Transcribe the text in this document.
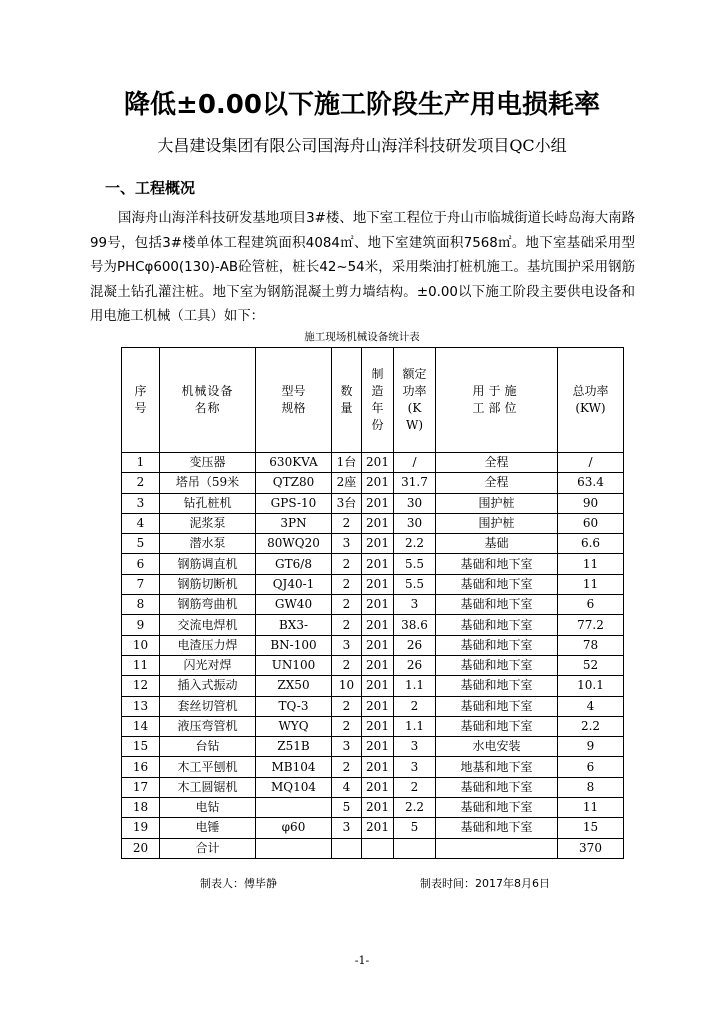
降低±0.00以下施工阶段生产用电损耗率
大昌建设集团有限公司国海舟山海洋科技研发项目QC小组
一、工程概况

国海舟山海洋科技研发基地项目3#楼、地下室工程位于舟山市临城街道长峙岛海大南路99号，包括3#楼单体工程建筑面积4084㎡、地下室建筑面积7568㎡。地下室基础采用型号为PHCφ600(130)-AB砼管桩，桩长42~54米，采用柴油打桩机施工。基坑围护采用钢筋混凝土钻孔灌注桩。地下室为钢筋混凝土剪力墙结构。±0.00以下施工阶段主要供电设备和用电施工机械（工具）如下：

施工现场机械设备统计表
序号	机械设备名称	型号规格	数量	制造年份	额定功率(KW)	用于施工部位	总功率(KW)
1	变压器	630KVA	1台	201	/	全程	/
2	塔吊（59米	QTZ80	2座	201	31.7	全程	63.4
3	钻孔桩机	GPS-10	3台	201	30	围护桩	90
4	泥浆泵	3PN	2	201	30	围护桩	60
5	潜水泵	80WQ20	3	201	2.2	基础	6.6
6	钢筋调直机	GT6/8	2	201	5.5	基础和地下室	11
7	钢筋切断机	QJ40-1	2	201	5.5	基础和地下室	11
8	钢筋弯曲机	GW40	2	201	3	基础和地下室	6
9	交流电焊机	BX3-	2	201	38.6	基础和地下室	77.2
10	电渣压力焊	BN-100	3	201	26	基础和地下室	78
11	闪光对焊	UN100	2	201	26	基础和地下室	52
12	插入式振动	ZX50	10	201	1.1	基础和地下室	10.1
13	套丝切管机	TQ-3	2	201	2	基础和地下室	4
14	液压弯管机	WYQ	2	201	1.1	基础和地下室	2.2
15	台钻	Z51B	3	201	3	水电安装	9
16	木工平刨机	MB104	2	201	3	地基和地下室	6
17	木工圆锯机	MQ104	4	201	2	基础和地下室	8
18	电钻		5	201	2.2	基础和地下室	11
19	电锤	φ60	3	201	5	基础和地下室	15
20	合计						370
制表人：傅毕静	制表时间：2017年8月6日
-1-
